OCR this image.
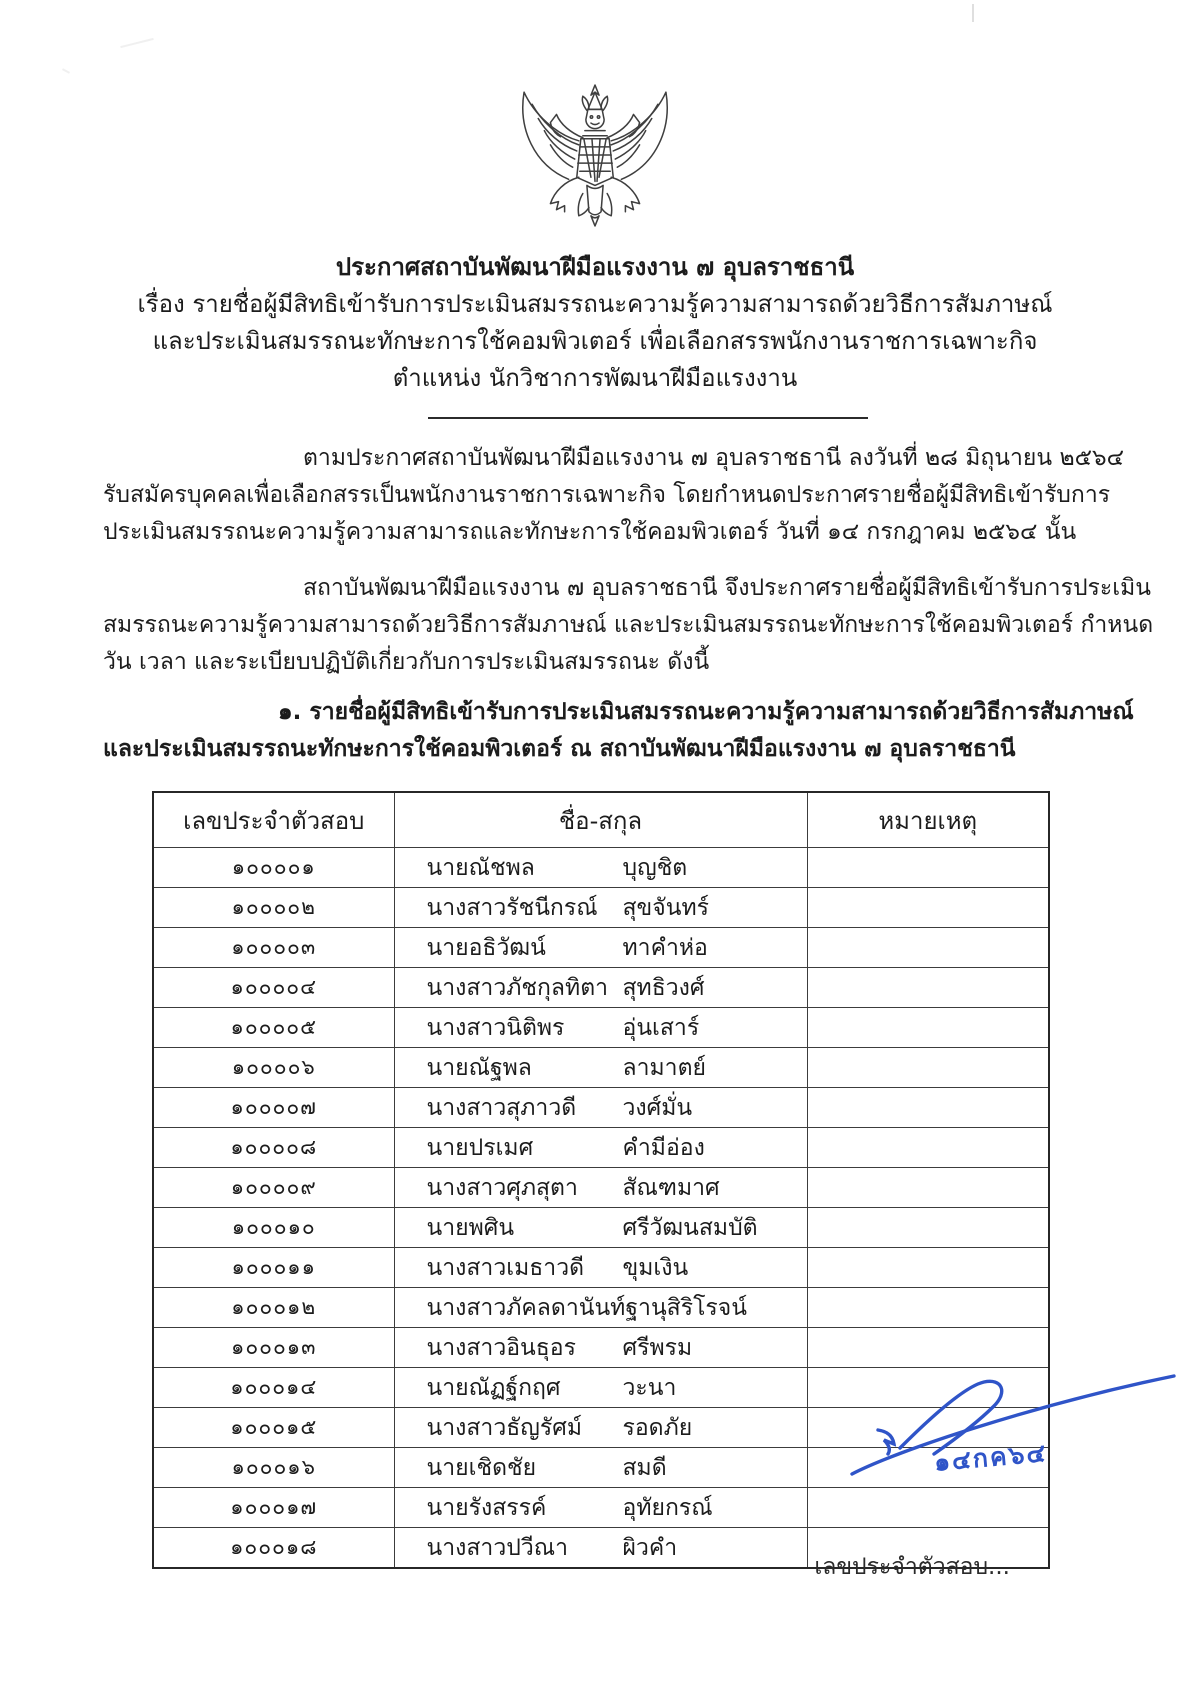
ประกาศสถาบันพัฒนาฝีมือแรงงาน ๗ อุบลราชธานี
เรื่อง รายชื่อผู้มีสิทธิเข้ารับการประเมินสมรรถนะความรู้ความสามารถด้วยวิธีการสัมภาษณ์
และประเมินสมรรถนะทักษะการใช้คอมพิวเตอร์ เพื่อเลือกสรรพนักงานราชการเฉพาะกิจ
ตำแหน่ง นักวิชาการพัฒนาฝีมือแรงงาน
ตามประกาศสถาบันพัฒนาฝีมือแรงงาน ๗ อุบลราชธานี ลงวันที่ ๒๘ มิถุนายน ๒๕๖๔
รับสมัครบุคคลเพื่อเลือกสรรเป็นพนักงานราชการเฉพาะกิจ โดยกำหนดประกาศรายชื่อผู้มีสิทธิเข้ารับการ
ประเมินสมรรถนะความรู้ความสามารถและทักษะการใช้คอมพิวเตอร์ วันที่ ๑๔ กรกฎาคม ๒๕๖๔ นั้น
สถาบันพัฒนาฝีมือแรงงาน ๗ อุบลราชธานี จึงประกาศรายชื่อผู้มีสิทธิเข้ารับการประเมิน
สมรรถนะความรู้ความสามารถด้วยวิธีการสัมภาษณ์ และประเมินสมรรถนะทักษะการใช้คอมพิวเตอร์ กำหนด
วัน เวลา และระเบียบปฏิบัติเกี่ยวกับการประเมินสมรรถนะ ดังนี้
๑. รายชื่อผู้มีสิทธิเข้ารับการประเมินสมรรถนะความรู้ความสามารถด้วยวิธีการสัมภาษณ์
และประเมินสมรรถนะทักษะการใช้คอมพิวเตอร์ ณ สถาบันพัฒนาฝีมือแรงงาน ๗ อุบลราชธานี
เลขประจำตัวสอบ	ชื่อ-สกุล	หมายเหตุ
๑๐๐๐๐๑	นายณัชพล บุญชิต	
๑๐๐๐๐๒	นางสาวรัชนีกรณ์ สุขจันทร์	
๑๐๐๐๐๓	นายอธิวัฒน์ ทาคำห่อ	
๑๐๐๐๐๔	นางสาวภัชกุลทิตา สุทธิวงศ์	
๑๐๐๐๐๕	นางสาวนิติพร อุ่นเสาร์	
๑๐๐๐๐๖	นายณัฐพล ลามาตย์	
๑๐๐๐๐๗	นางสาวสุภาวดี วงศ์มั่น	
๑๐๐๐๐๘	นายปรเมศ คำมีอ่อง	
๑๐๐๐๐๙	นางสาวศุภสุตา สัณฑมาศ	
๑๐๐๐๑๐	นายพศิน ศรีวัฒนสมบัติ	
๑๐๐๐๑๑	นางสาวเมธาวดี ขุมเงิน	
๑๐๐๐๑๒	นางสาวภัคลดานันท์ฐานุสิริโรจน์	
๑๐๐๐๑๓	นางสาวอินธุอร ศรีพรม	
๑๐๐๐๑๔	นายณัฏฐ์กฤศ วะนา	
๑๐๐๐๑๕	นางสาวธัญรัศม์ รอดภัย	
๑๐๐๐๑๖	นายเชิดชัย สมดี	
๑๐๐๐๑๗	นายรังสรรค์ อุทัยกรณ์	
๑๐๐๐๑๘	นางสาวปวีณา ผิวคำ	
๑๔กค๖๔
เลขประจำตัวสอบ...
